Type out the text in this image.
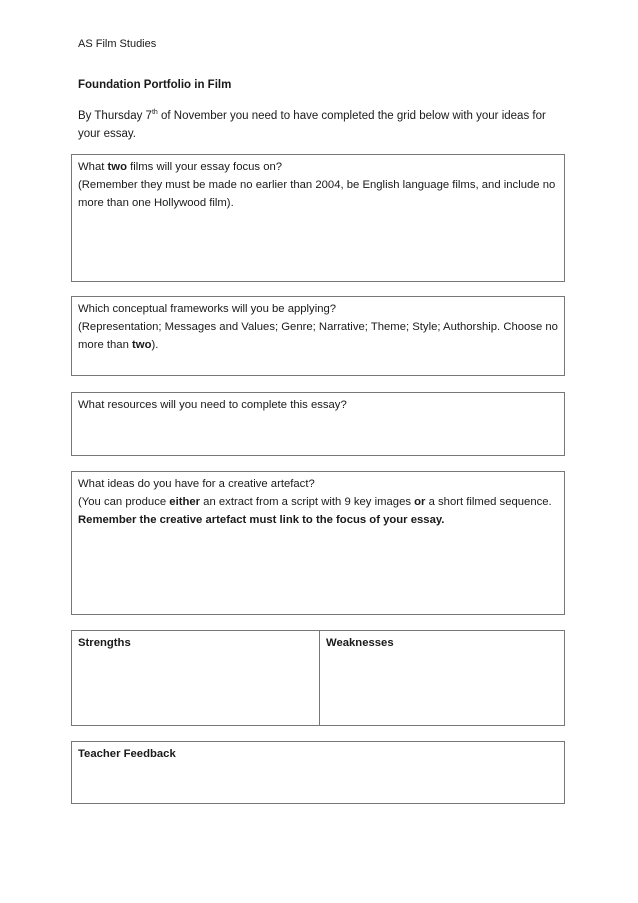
AS Film Studies
Foundation Portfolio in Film
By Thursday 7th of November you need to have completed the grid below with your ideas for your essay.

What two films will your essay focus on?

(Remember they must be made no earlier than 2004, be English language films, and include no more than one Hollywood film).

Which conceptual frameworks will you be applying?

(Representation; Messages and Values; Genre; Narrative; Theme; Style; Authorship. Choose no more than two).

What resources will you need to complete this essay?

What ideas do you have for a creative artefact?

(You can produce either an extract from a script with 9 key images or a short filmed sequence. Remember the creative artefact must link to the focus of your essay.

Strengths	Weaknesses
Teacher Feedback
